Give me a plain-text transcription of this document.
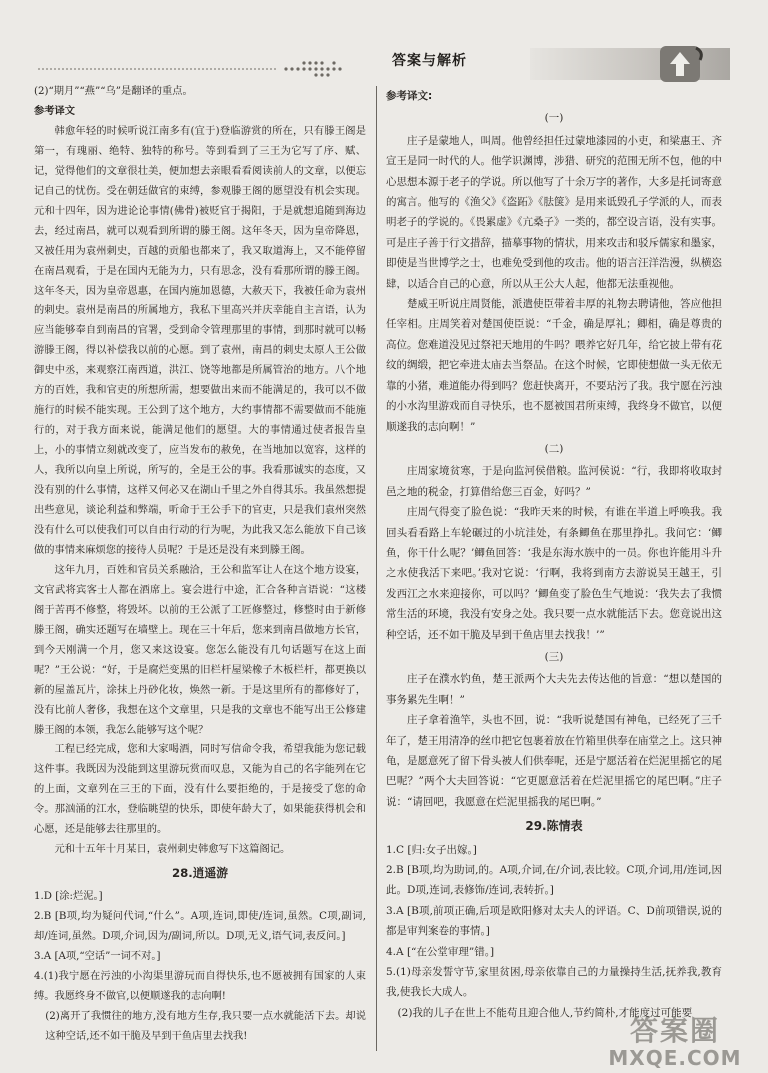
答案与解析

(2)“期月”“燕”“乌”是翻译的重点。

参考译文

韩愈年轻的时候听说江南多有(宜于)登临游赏的所在，只有滕王阁是第一，有瑰丽、绝特、独特的称号。等到看到了三王为它写了序、赋、记，觉得他们的文章很壮美，便加想去亲眼看看阅读前人的文章，以便忘记自己的忧伤。受在朝廷做官的束缚，参观滕王阁的愿望没有机会实现。元和十四年，因为进论论事情(佛骨)被贬官于揭阳，于是就想追随到海边去，经过南昌，就可以观看到所谓的滕王阁。这年冬天，因为皇帝降恩，又被任用为袁州刺史，百越的贡船也都来了，我又取道海上，又不能停留在南昌观看，于是在国内无能为力，只有思念，没有看那所谓的滕王阁。这年冬天，因为皇帝恩惠，在国内施加恩德，大赦天下，我被任命为袁州的刺史。袁州是南昌的所属地方，我私下里高兴并庆幸能自主言语，认为应当能够奉自到南昌的官署，受到命令管理那里的事情，到那时就可以畅游滕王阁，得以补偿我以前的心愿。到了袁州，南昌的刺史太原人王公做御史中丞，来观察江南西道，洪江、饶等地都是所属管治的地方。八个地方的百姓，我和官吏的所想所需，想要做出来而不能满足的，我可以不做施行的时候不能实现。王公到了这个地方，大约事情都不需要做而不能施行的，对于我方面来说，能满足他们的愿望。大的事情通过使者报告皇上，小的事情立刻就改变了，应当发布的赦免，在当地加以宽容，这样的人，我所以向皇上所说，所写的，全是王公的事。我看那诚实的态度，又没有别的什么事情，这样又何必又在湖山千里之外自得其乐。我虽然想提出些意见，谈论利益和弊端，听命于王公手下的官吏，只是我们袁州突然没有什么可以使我们可以自由行动的行为呢，为此我又怎么能放下自己该做的事情来麻烦您的接待人员呢？于是还是没有来到滕王阁。

这年九月，百姓和官员关系融洽，王公和监军让人在这个地方设宴，文官武将宾客士人都在酒席上。宴会进行中途，汇合各种言语说：“这楼阁于苦再不修整，将毁坏。以前的王公派了工匠修整过，修整时由于新修滕王阁，确实还题写在墙壁上。现在三十年后，您来到南昌做地方长官，到今天刚满一个月，您又来这设宴。您怎么能没有几句话题写在这上面呢？”王公说：“好，于是腐烂变黑的旧栏杆屋梁橡子木板栏杆，都更换以新的屋盖瓦片，涂抹上丹砂化妆，焕然一新。于是这里所有的都修好了，没有比前人奢侈，我想在这个文章里，只是我的文章也不能写出王公修建滕王阁的本领，我怎么能够写这个呢？

工程已经完成，您和大家喝酒，同时写信命令我，希望我能为您记载这件事。我既因为没能到这里游玩赏而叹息，又能为自己的名字能列在它的上面，文章列在三王的下面，没有什么要拒绝的，于是接受了您的命令。那汹涌的江水，登临眺望的快乐，即使年龄大了，如果能获得机会和心愿，还是能够去往那里的。

元和十五年十月某日，袁州刺史韩愈写下这篇阁记。

28.逍遥游

1.D [涂:烂泥。]

2.B [B项,均为疑问代词,“什么”。A项,连词,即使/连词,虽然。C项,副词,却/连词,虽然。D项,介词,因为/副词,所以。D项,无义,语气词,表反问。]

3.A [A项,“空话”一词不对。]

4.(1)我宁愿在污浊的小沟渠里游玩而自得快乐,也不愿被拥有国家的人束缚。我愿终身不做官,以便顺遂我的志向啊!

(2)离开了我惯往的地方,没有地方生存,我只要一点水就能活下去。却说这种空话,还不如干脆及早到干鱼店里去找我!

参考译文:

(一)

庄子是蒙地人，叫周。他曾经担任过蒙地漆园的小吏，和梁惠王、齐宣王是同一时代的人。他学识渊博，涉猎、研究的范围无所不包，他的中心思想本源于老子的学说。所以他写了十余万字的著作，大多是托词寄意的寓言。他写的《渔父》《盗跖》《胠箧》是用来诋毁孔子学派的人，而表明老子的学说的。《畏累虚》《亢桑子》一类的，都空设言语，没有实事。可是庄子善于行文措辞，描摹事物的情状，用来攻击和驳斥儒家和墨家，即使是当世博学之士，也难免受到他的攻击。他的语言汪洋浩漫，纵横恣肆，以适合自己的心意，所以从王公大人起，他都无法重视他。

楚威王听说庄周贤能，派遣使臣带着丰厚的礼物去聘请他，答应他担任宰相。庄周笑着对楚国使臣说：“千金，确是厚礼；卿相，确是尊贵的高位。您难道没见过祭祀天地用的牛吗？喂养它好几年，给它披上带有花纹的绸缎，把它牵进太庙去当祭品。在这个时候，它即使想做一头无依无靠的小猪，难道能办得到吗？您赶快离开，不要玷污了我。我宁愿在污浊的小水沟里游戏而自寻快乐，也不愿被国君所束缚，我终身不做官，以便顺遂我的志向啊！”

(二)

庄周家境贫寒，于是向监河侯借粮。监河侯说：“行，我即将收取封邑之地的税金，打算借给您三百金，好吗？”

庄周气得变了脸色说：“我昨天来的时候，有谁在半道上呼唤我。我回头看看路上车轮碾过的小坑洼处，有条鲫鱼在那里挣扎。我问它：‘鲫鱼，你干什么呢？’鲫鱼回答：‘我是东海水族中的一员。你也许能用斗升之水使我活下来吧。’我对它说：‘行啊，我将到南方去游说吴王越王，引发西江之水来迎接你，可以吗？’鲫鱼变了脸色生气地说：‘我失去了我惯常生活的环境，我没有安身之处。我只要一点水就能活下去。您竟说出这种空话，还不如干脆及早到干鱼店里去找我！’”

(三)

庄子在濮水钓鱼，楚王派两个大夫先去传达他的旨意：“想以楚国的事务累先生啊！”

庄子拿着渔竿，头也不回，说：“我听说楚国有神龟，已经死了三千年了，楚王用清净的丝巾把它包裹着放在竹箱里供奉在庙堂之上。这只神龟，是愿意死了留下骨头被人们供奉呢，还是宁愿活着在烂泥里摇它的尾巴呢？”两个大夫回答说：“它更愿意活着在烂泥里摇它的尾巴啊。”庄子说：“请回吧，我愿意在烂泥里摇我的尾巴啊。”

29.陈情表

1.C [归:女子出嫁。]

2.B [B项,均为助词,的。A项,介词,在/介词,表比较。C项,介词,用/连词,因此。D项,连词,表修饰/连词,表转折。]

3.A [B项,前项正确,后项是欧阳修对太夫人的评语。C、D前项错误,说的都是审判案卷的事情。]

4.A [“在公堂审理”错。]

5.(1)母亲发誓守节,家里贫困,母亲依靠自己的力量操持生活,抚养我,教育我,使我长大成人。

(2)我的儿子在世上不能苟且迎合他人,节约简朴,才能度过可能要

答案圈
MXQE.COM
